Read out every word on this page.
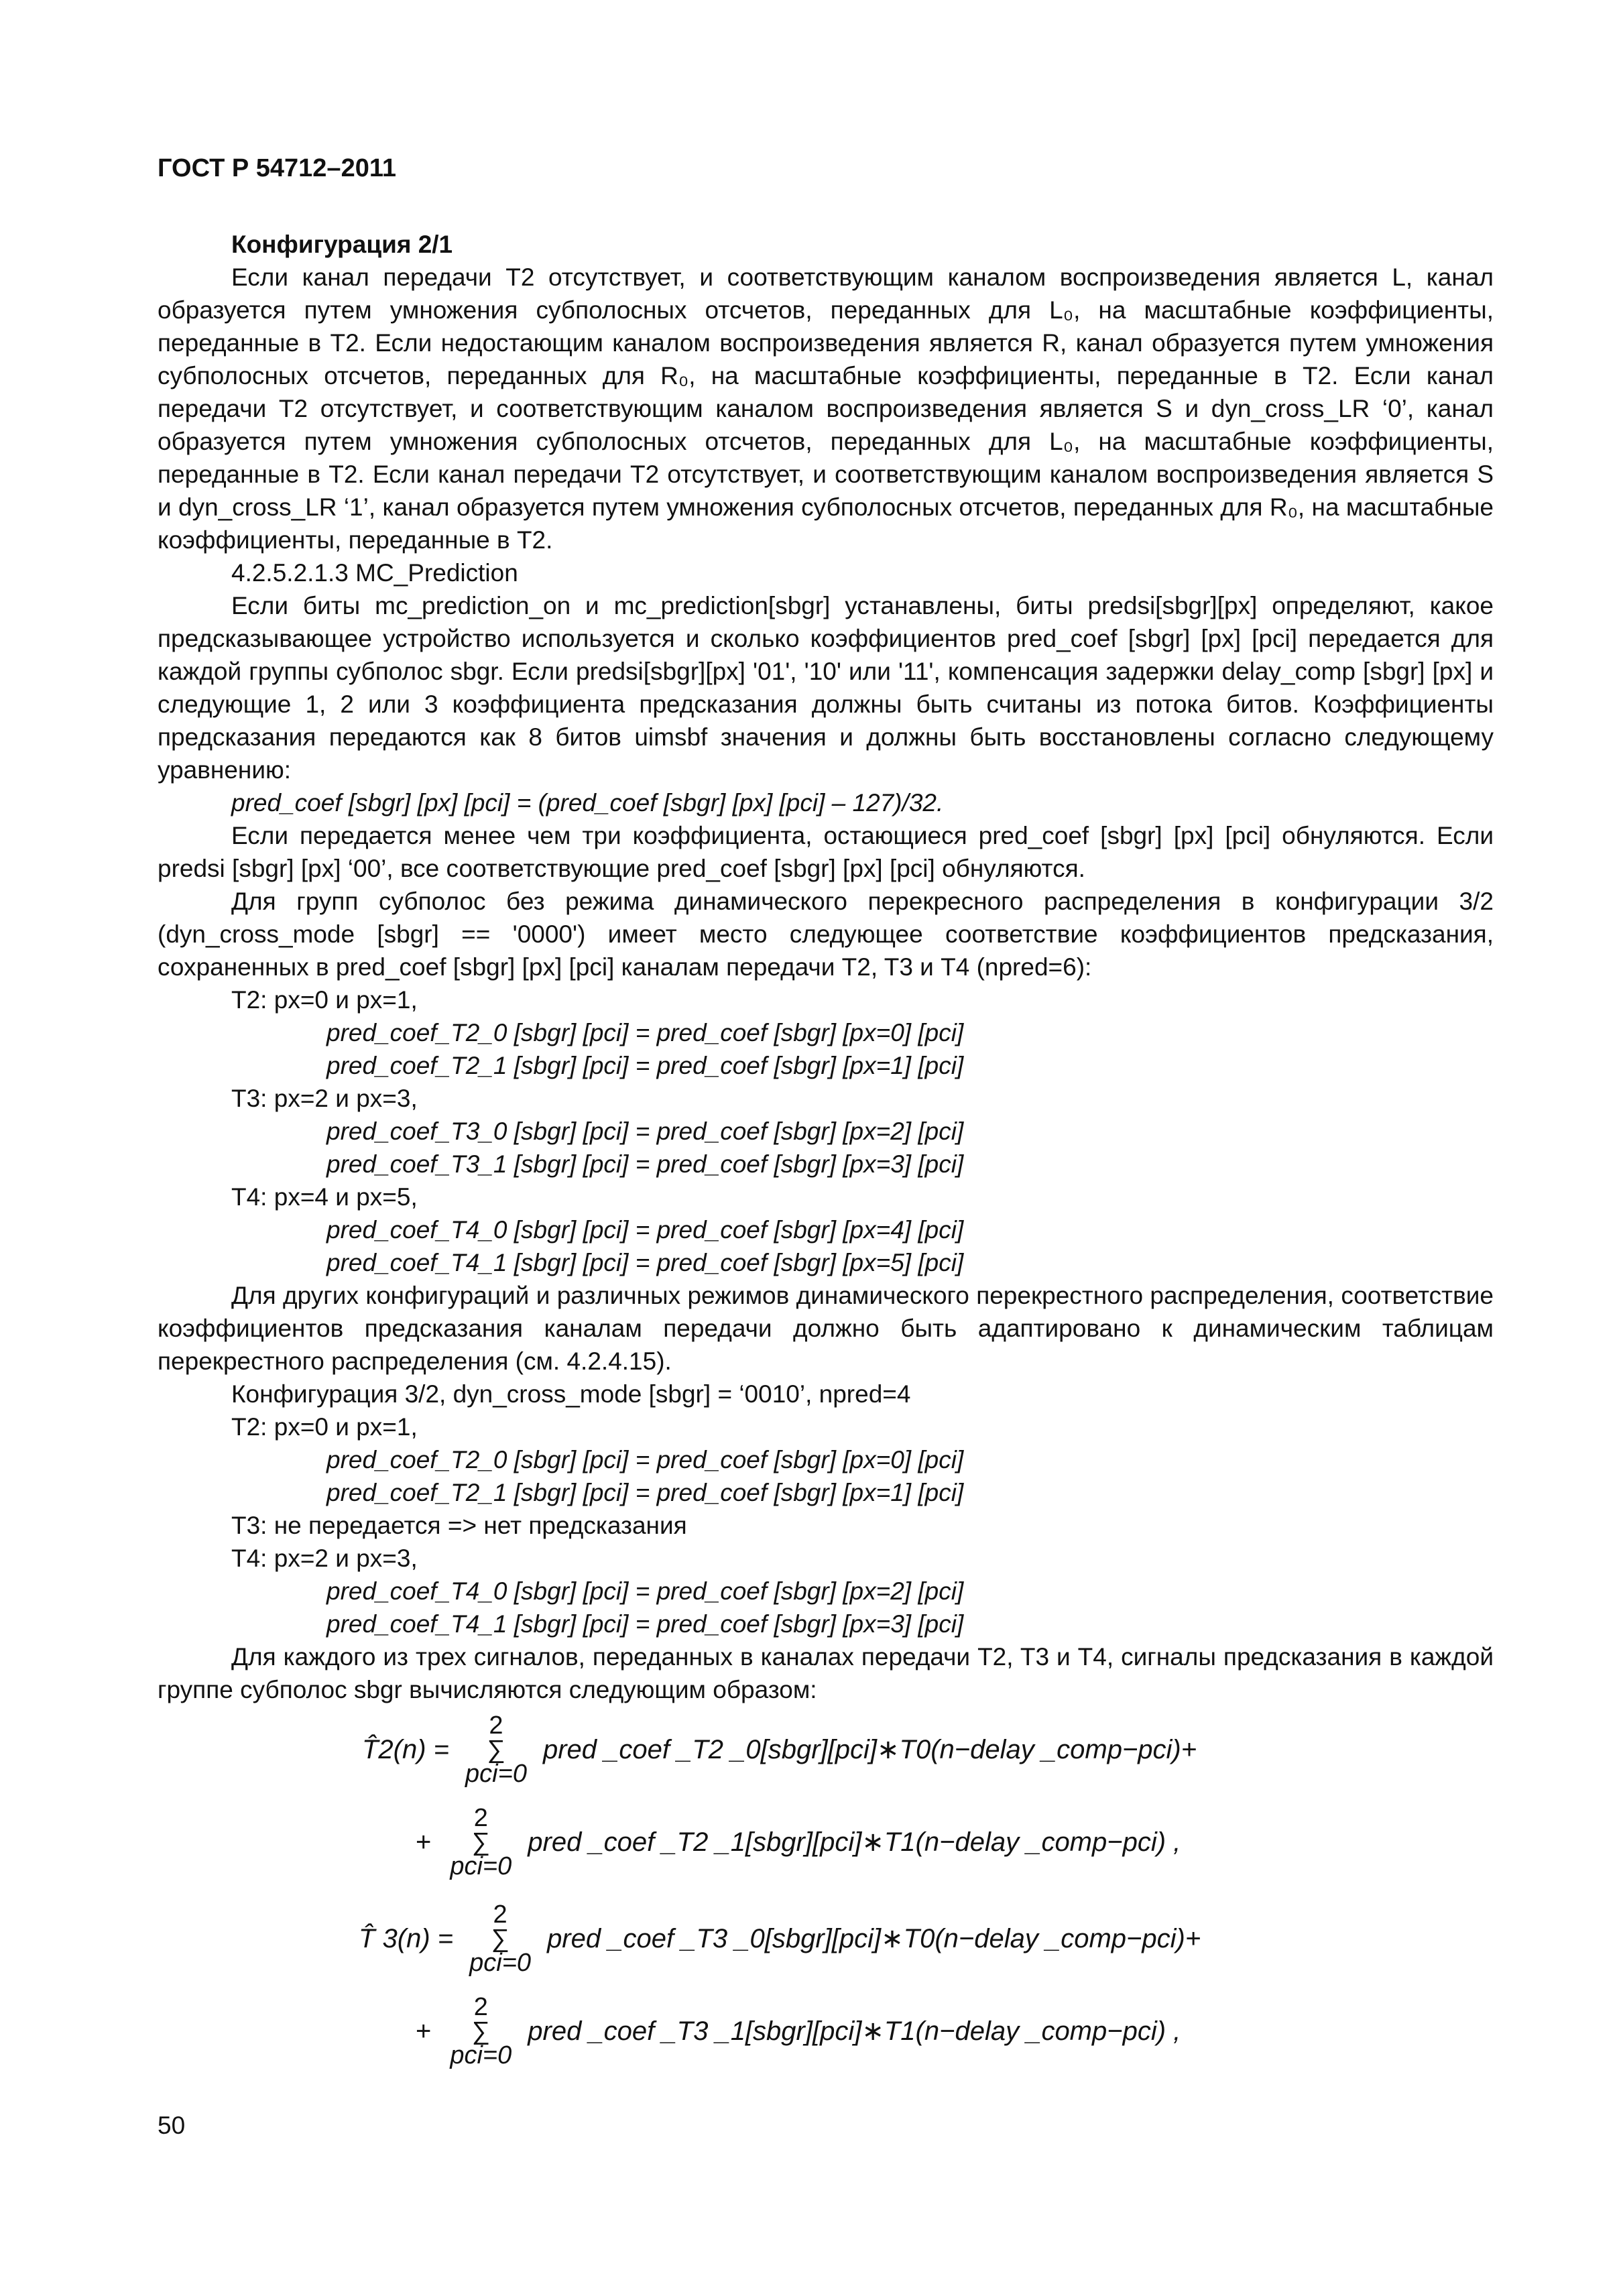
ГОСТ Р 54712–2011

Конфигурация 2/1

Если канал передачи T2 отсутствует, и соответствующим каналом воспроизведения является L, канал образуется путем умножения субполосных отсчетов, переданных для L₀, на масштабные коэффициенты, переданные в T2. Если недостающим каналом воспроизведения является R, канал образуется путем умножения субполосных отсчетов, переданных для R₀, на масштабные коэффициенты, переданные в T2. Если канал передачи T2 отсутствует, и соответствующим каналом воспроизведения является S и dyn_cross_LR ‘0’, канал образуется путем умножения субполосных отсчетов, переданных для L₀, на масштабные коэффициенты, переданные в T2. Если канал передачи T2 отсутствует, и соответствующим каналом воспроизведения является S и dyn_cross_LR ‘1’, канал образуется путем умножения субполосных отсчетов, переданных для R₀, на масштабные коэффициенты, переданные в T2.

4.2.5.2.1.3 MC_Prediction

Если биты mc_prediction_on и mc_prediction[sbgr] устанавлены, биты predsi[sbgr][px] определяют, какое предсказывающее устройство используется и сколько коэффициентов pred_coef [sbgr] [px] [pci] передается для каждой группы субполос sbgr. Если predsi[sbgr][px] '01', '10' или '11', компенсация задержки delay_comp [sbgr] [px] и следующие 1, 2 или 3 коэффициента предсказания должны быть считаны из потока битов. Коэффициенты предсказания передаются как 8 битов uimsbf значения и должны быть восстановлены согласно следующему уравнению:

pred_coef [sbgr] [px] [pci] = (pred_coef [sbgr] [px] [pci] – 127)/32.

Если передается менее чем три коэффициента, остающиеся pred_coef [sbgr] [px] [pci] обнуляются. Если predsi [sbgr] [px] ‘00’, все соответствующие pred_coef [sbgr] [px] [pci] обнуляются.

Для групп субполос без режима динамического перекресного распределения в конфигурации 3/2 (dyn_cross_mode [sbgr] == '0000') имеет место следующее соответствие коэффициентов предсказания, сохраненных в pred_coef [sbgr] [px] [pci] каналам передачи T2, T3 и T4 (npred=6):

T2: px=0 и px=1,
pred_coef_T2_0 [sbgr] [pci] = pred_coef [sbgr] [px=0] [pci]
pred_coef_T2_1 [sbgr] [pci] = pred_coef [sbgr] [px=1] [pci]
T3: px=2 и px=3,
pred_coef_T3_0 [sbgr] [pci] = pred_coef [sbgr] [px=2] [pci]
pred_coef_T3_1 [sbgr] [pci] = pred_coef [sbgr] [px=3] [pci]
T4: px=4 и px=5,
pred_coef_T4_0 [sbgr] [pci] = pred_coef [sbgr] [px=4] [pci]
pred_coef_T4_1 [sbgr] [pci] = pred_coef [sbgr] [px=5] [pci]

Для других конфигураций и различных режимов динамического перекрестного распределения, соответствие коэффициентов предсказания каналам передачи должно быть адаптировано к динамическим таблицам перекрестного распределения (см. 4.2.4.15).

Конфигурация 3/2, dyn_cross_mode [sbgr] = ‘0010’, npred=4
T2: px=0 и px=1,
pred_coef_T2_0 [sbgr] [pci] = pred_coef [sbgr] [px=0] [pci]
pred_coef_T2_1 [sbgr] [pci] = pred_coef [sbgr] [px=1] [pci]
T3: не передается => нет предсказания
T4: px=2 и px=3,
pred_coef_T4_0 [sbgr] [pci] = pred_coef [sbgr] [px=2] [pci]
pred_coef_T4_1 [sbgr] [pci] = pred_coef [sbgr] [px=3] [pci]

Для каждого из трех сигналов, переданных в каналах передачи T2, T3 и T4, сигналы предсказания в каждой группе субполос sbgr вычисляются следующим образом:

T̂2(n) =
2
∑
pci=0
pred _coef _T2 _0[sbgr][pci]∗T0(n−delay _comp−pci)+
+
2
∑
pci=0
pred _coef _T2 _1[sbgr][pci]∗T1(n−delay _comp−pci) ,
T̂ 3(n) =
2
∑
pci=0
pred _coef _T3 _0[sbgr][pci]∗T0(n−delay _comp−pci)+
+
2
∑
pci=0
pred _coef _T3 _1[sbgr][pci]∗T1(n−delay _comp−pci) ,
50
